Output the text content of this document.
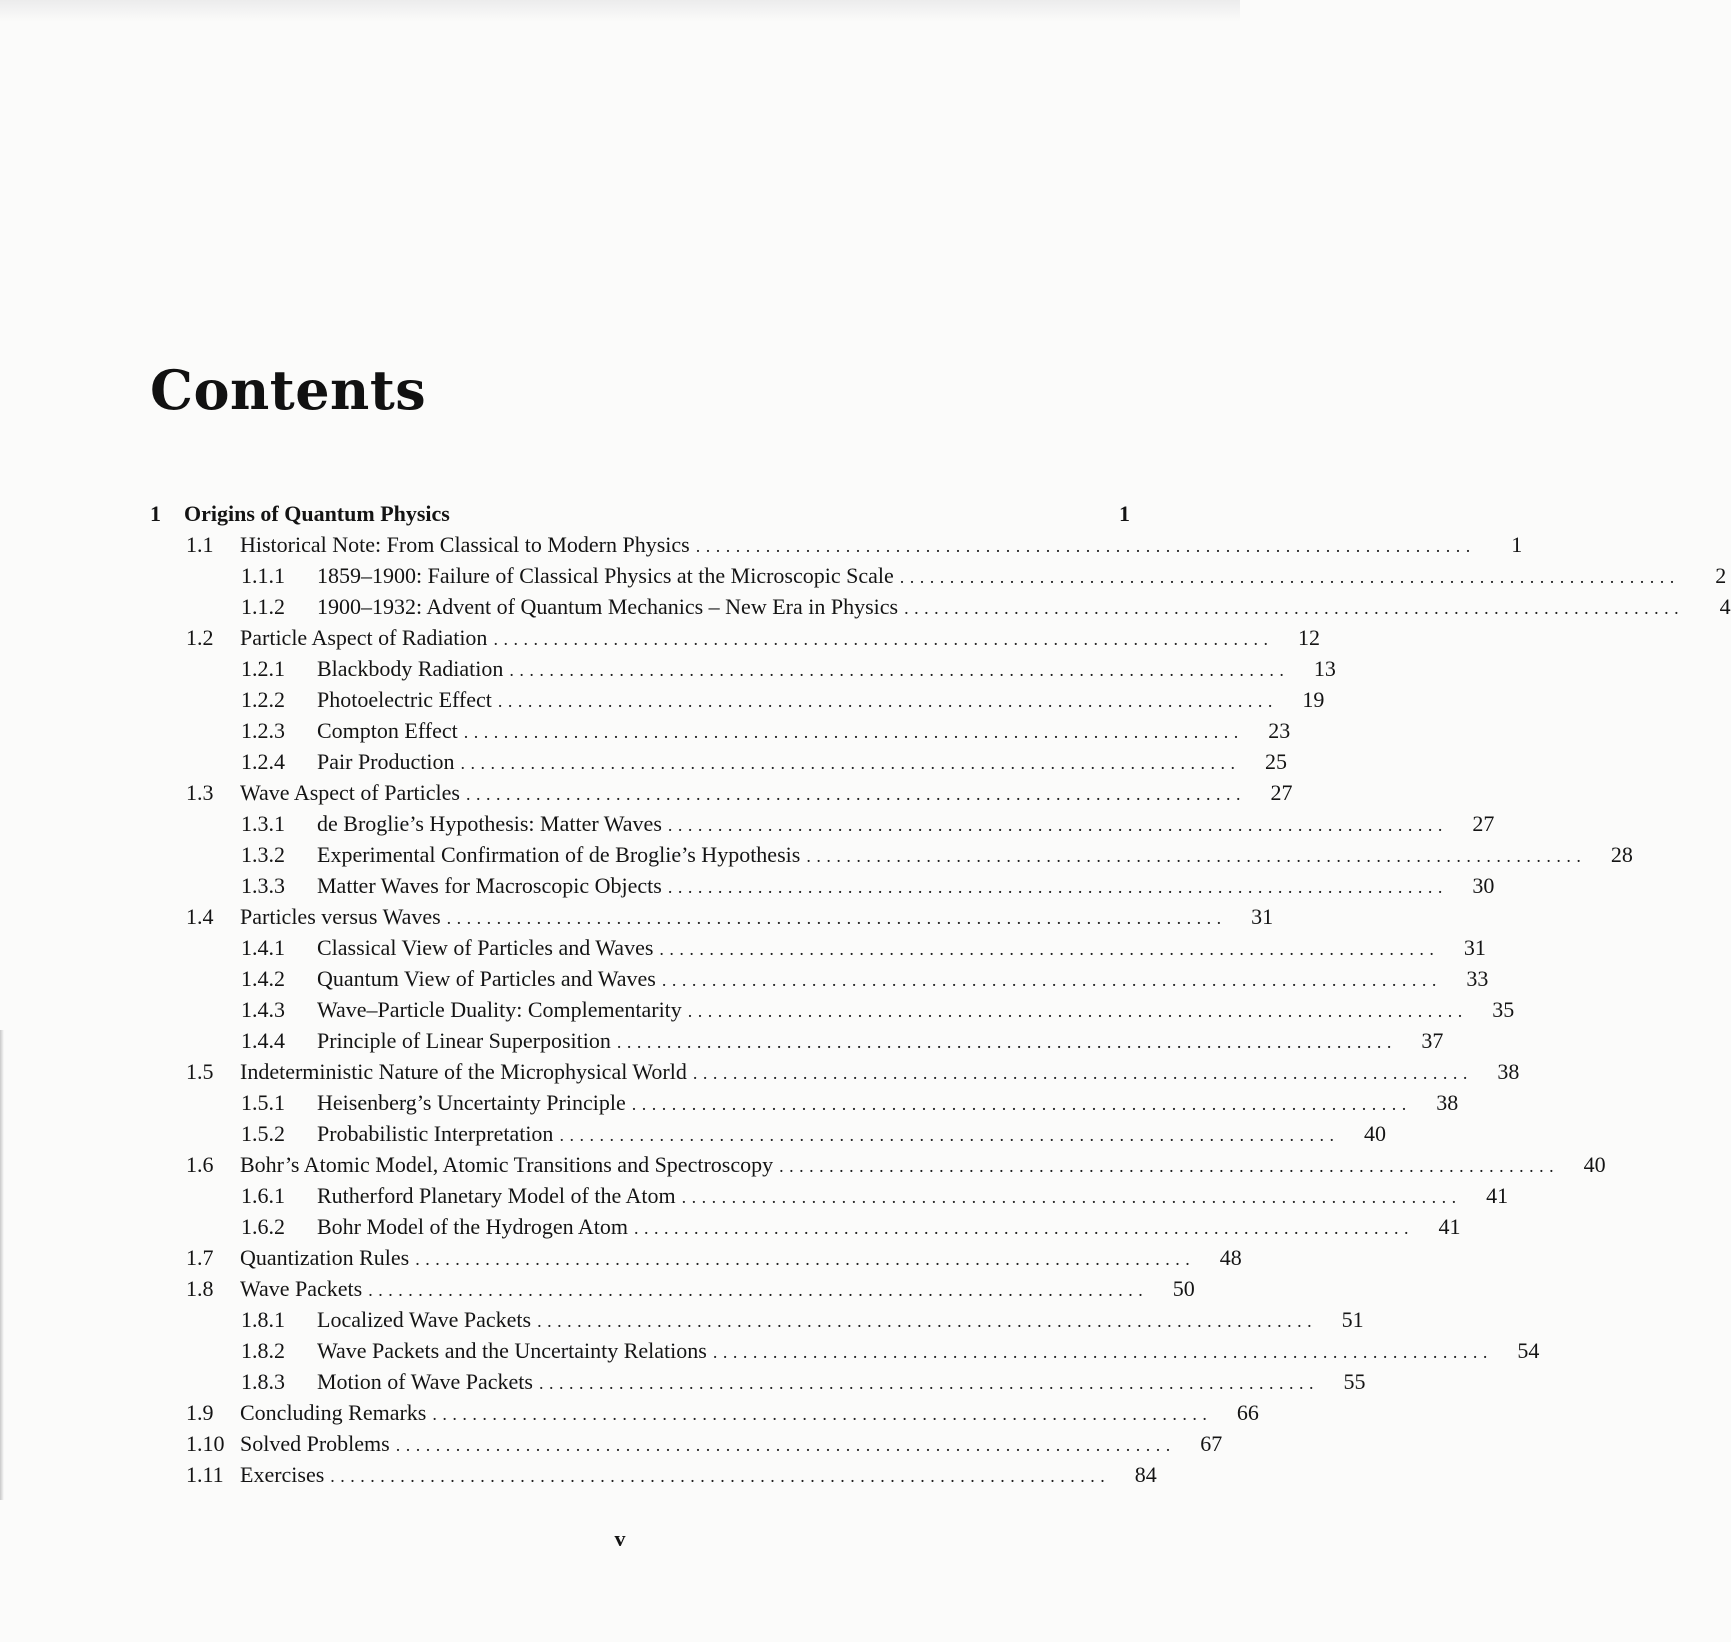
Contents
1	Origins of Quantum Physics	1
1.1	Historical Note: From Classical to Modern Physics . . .	1
1.1.1	1859–1900: Failure of Classical Physics at the Microscopic Scale . . .	2
1.1.2	1900–1932: Advent of Quantum Mechanics – New Era in Physics . . .	4
1.2	Particle Aspect of Radiation . . .	12
1.2.1	Blackbody Radiation . . .	13
1.2.2	Photoelectric Effect . . .	19
1.2.3	Compton Effect . . .	23
1.2.4	Pair Production . . .	25
1.3	Wave Aspect of Particles . . .	27
1.3.1	de Broglie’s Hypothesis: Matter Waves . . .	27
1.3.2	Experimental Confirmation of de Broglie’s Hypothesis . . .	28
1.3.3	Matter Waves for Macroscopic Objects . . .	30
1.4	Particles versus Waves . . .	31
1.4.1	Classical View of Particles and Waves . . .	31
1.4.2	Quantum View of Particles and Waves . . .	33
1.4.3	Wave–Particle Duality: Complementarity . . .	35
1.4.4	Principle of Linear Superposition . . .	37
1.5	Indeterministic Nature of the Microphysical World . . .	38
1.5.1	Heisenberg’s Uncertainty Principle . . .	38
1.5.2	Probabilistic Interpretation . . .	40
1.6	Bohr’s Atomic Model, Atomic Transitions and Spectroscopy . . .	40
1.6.1	Rutherford Planetary Model of the Atom . . .	41
1.6.2	Bohr Model of the Hydrogen Atom . . .	41
1.7	Quantization Rules . . .	48
1.8	Wave Packets . . .	50
1.8.1	Localized Wave Packets . . .	51
1.8.2	Wave Packets and the Uncertainty Relations . . .	54
1.8.3	Motion of Wave Packets . . .	55
1.9	Concluding Remarks . . .	66
1.10 Solved Problems . . .	67
1.11 Exercises . . .	84
v
